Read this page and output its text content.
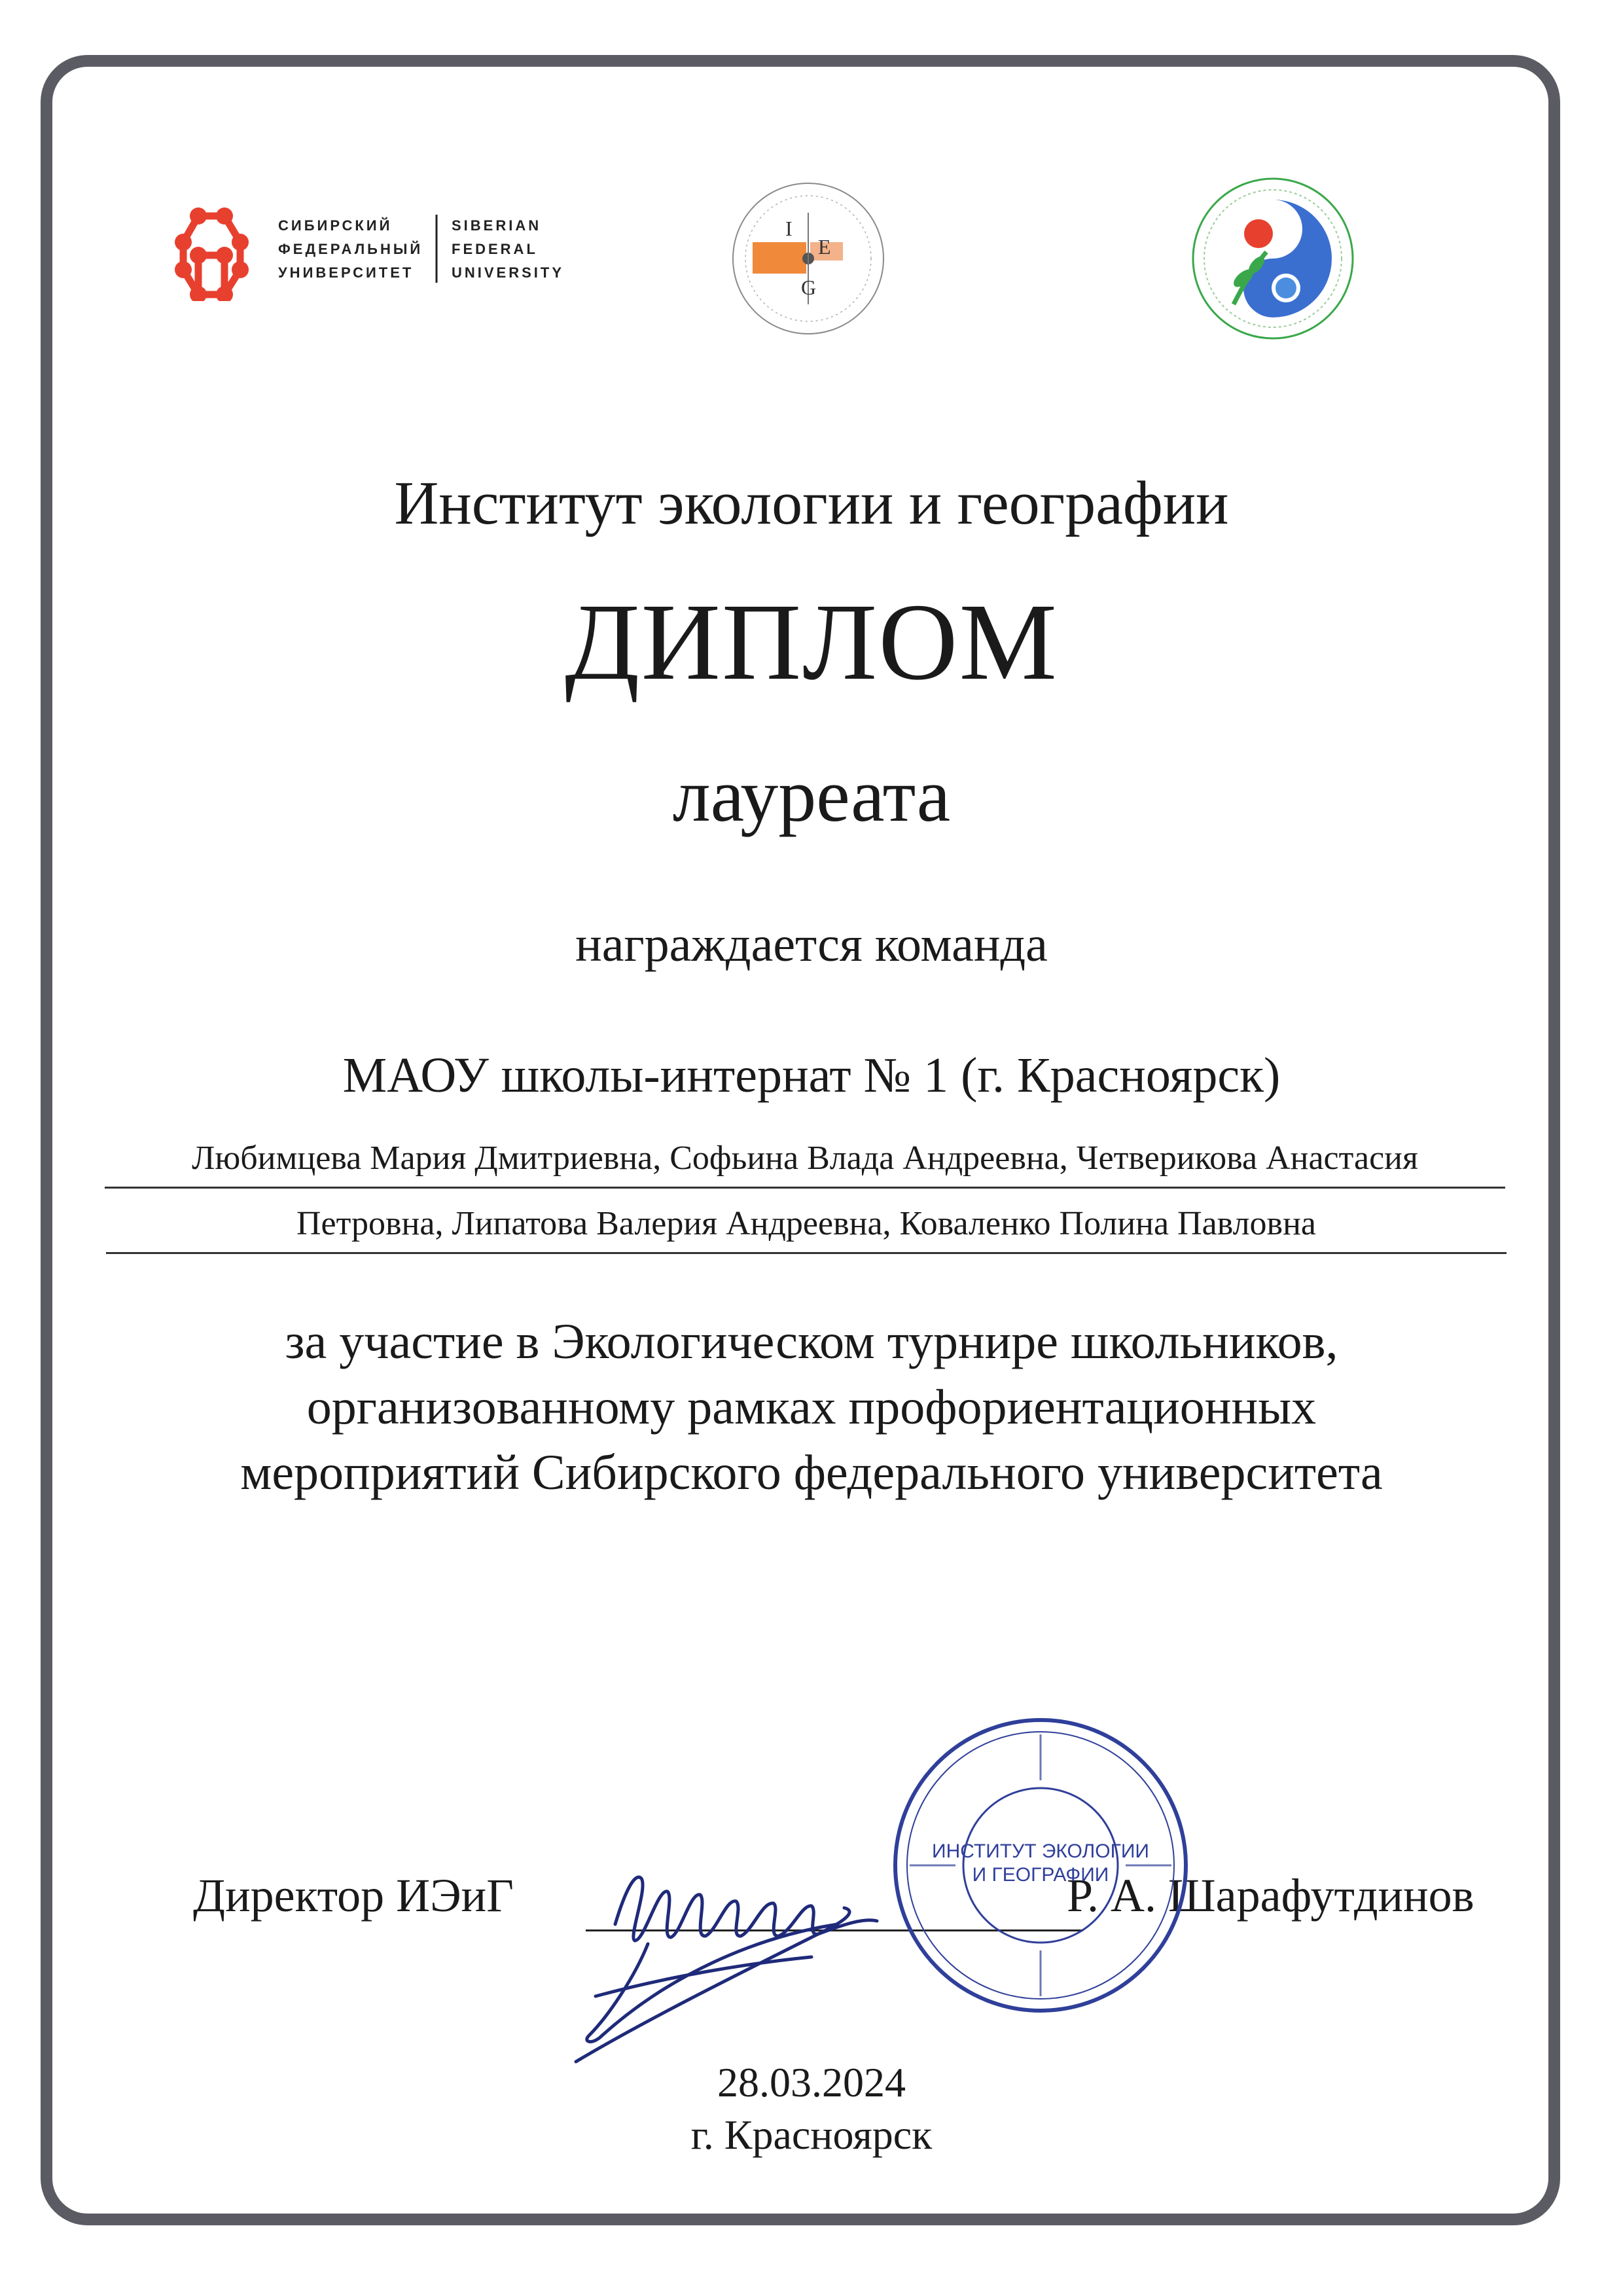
СИБИРСКИЙ
ФЕДЕРАЛЬНЫЙ
УНИВЕРСИТЕТ
SIBERIAN
FEDERAL
UNIVERSITY
I
E
G
Институт экологии и географии
ДИПЛОМ
лауреата
награждается команда
МАОУ школы-интернат № 1 (г. Красноярск)
Любимцева Мария Дмитриевна, Софьина Влада Андреевна, Четверикова Анастасия
Петровна, Липатова Валерия Андреевна, Коваленко Полина Павловна
за участие в Экологическом турнире школьников,
организованному рамках профориентационных
мероприятий Сибирского федерального университета
Директор ИЭиГ	Р. А. Шарафутдинов
ИНСТИТУТ ЭКОЛОГИИ
И ГЕОГРАФИИ
28.03.2024
г. Красноярск
